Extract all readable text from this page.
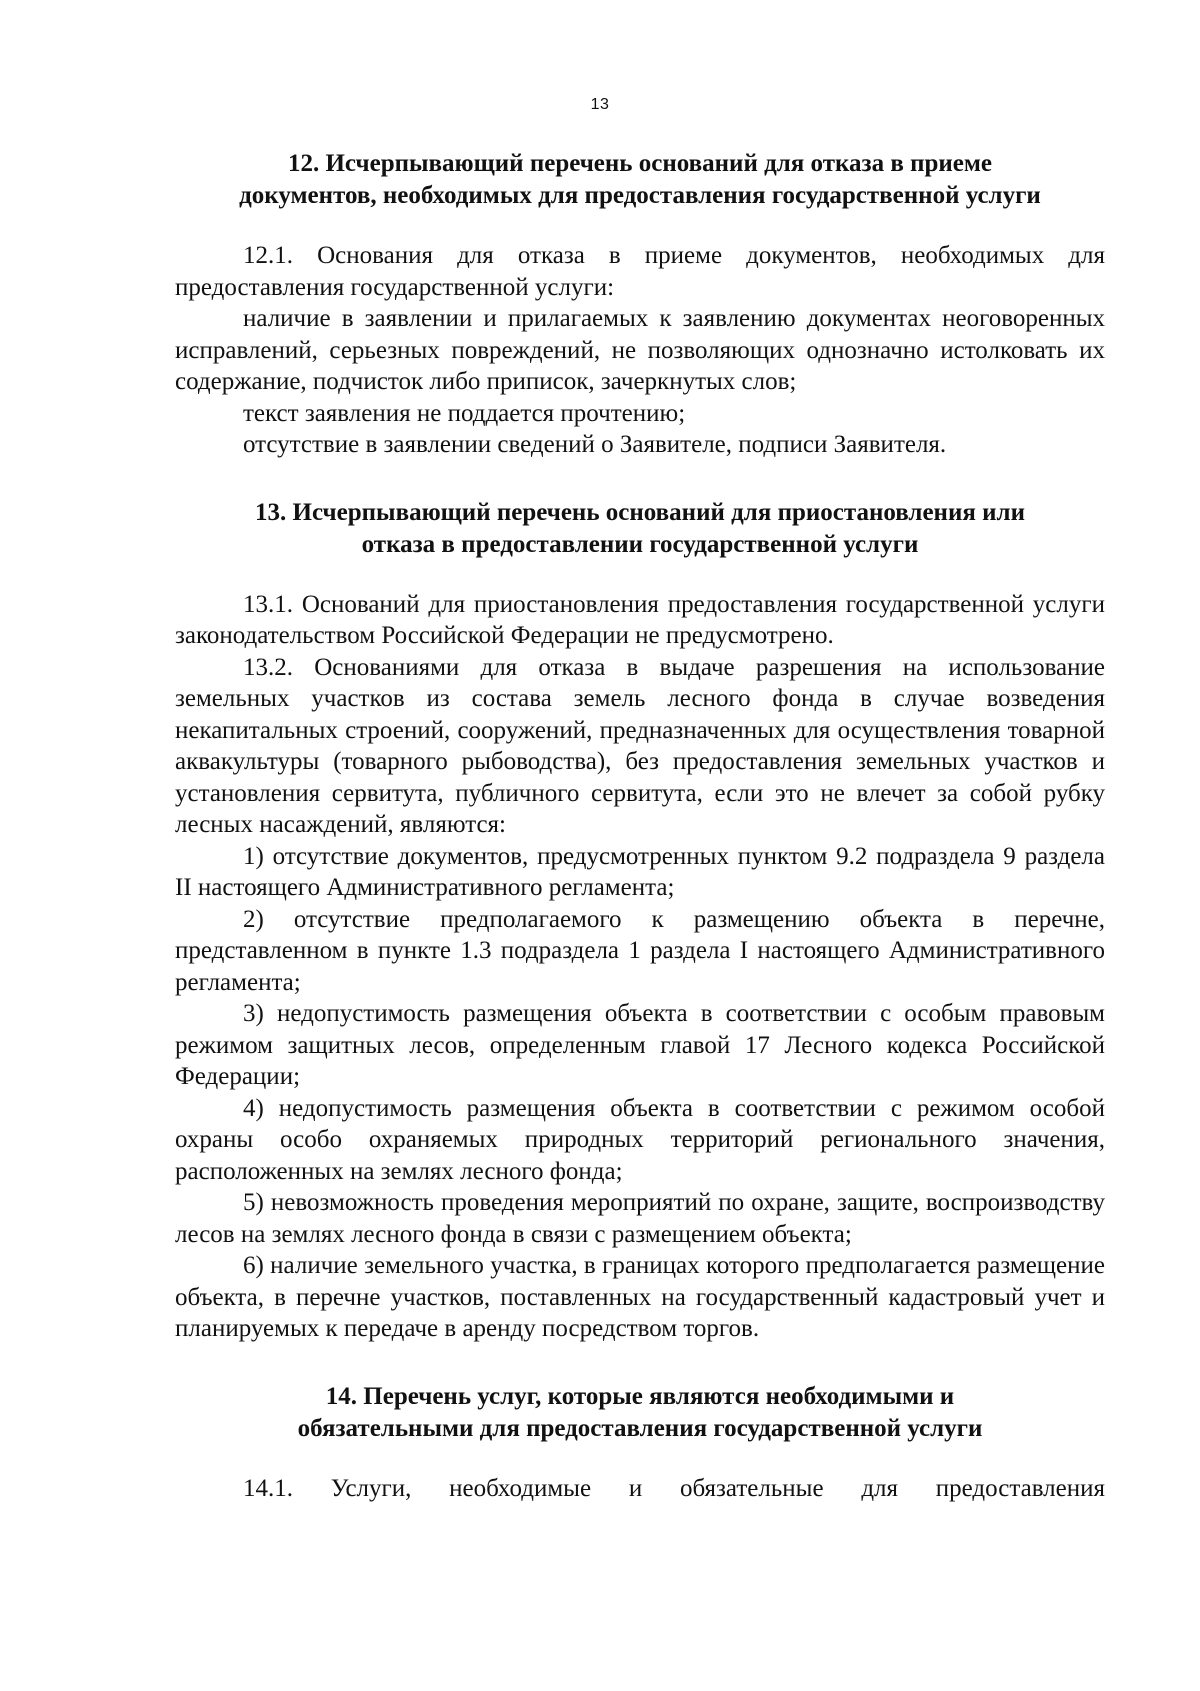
13
12. Исчерпывающий перечень оснований для отказа в приеме
документов, необходимых для предоставления государственной услуги

12.1. Основания для отказа в приеме документов, необходимых для предоставления государственной услуги:

наличие в заявлении и прилагаемых к заявлению документах неоговоренных исправлений, серьезных повреждений, не позволяющих однозначно истолковать их содержание, подчисток либо приписок, зачеркнутых слов;

текст заявления не поддается прочтению;

отсутствие в заявлении сведений о Заявителе, подписи Заявителя.

13. Исчерпывающий перечень оснований для приостановления или
отказа в предоставлении государственной услуги

13.1. Оснований для приостановления предоставления государственной услуги законодательством Российской Федерации не предусмотрено.

13.2. Основаниями для отказа в выдаче разрешения на использование земельных участков из состава земель лесного фонда в случае возведения некапитальных строений, сооружений, предназначенных для осуществления товарной аквакультуры (товарного рыбоводства), без предоставления земельных участков и установления сервитута, публичного сервитута, если это не влечет за собой рубку лесных насаждений, являются:

1) отсутствие документов, предусмотренных пунктом 9.2 подраздела 9 раздела II настоящего Административного регламента;

2) отсутствие предполагаемого к размещению объекта в перечне, представленном в пункте 1.3 подраздела 1 раздела I настоящего Административного регламента;

3) недопустимость размещения объекта в соответствии с особым правовым режимом защитных лесов, определенным главой 17 Лесного кодекса Российской Федерации;

4) недопустимость размещения объекта в соответствии с режимом особой охраны особо охраняемых природных территорий регионального значения, расположенных на землях лесного фонда;

5) невозможность проведения мероприятий по охране, защите, воспроизводству лесов на землях лесного фонда в связи с размещением объекта;

6) наличие земельного участка, в границах которого предполагается размещение объекта, в перечне участков, поставленных на государственный кадастровый учет и планируемых к передаче в аренду посредством торгов.

14. Перечень услуг, которые являются необходимыми и
обязательными для предоставления государственной услуги

14.1. Услуги, необходимые и обязательные для предоставления
